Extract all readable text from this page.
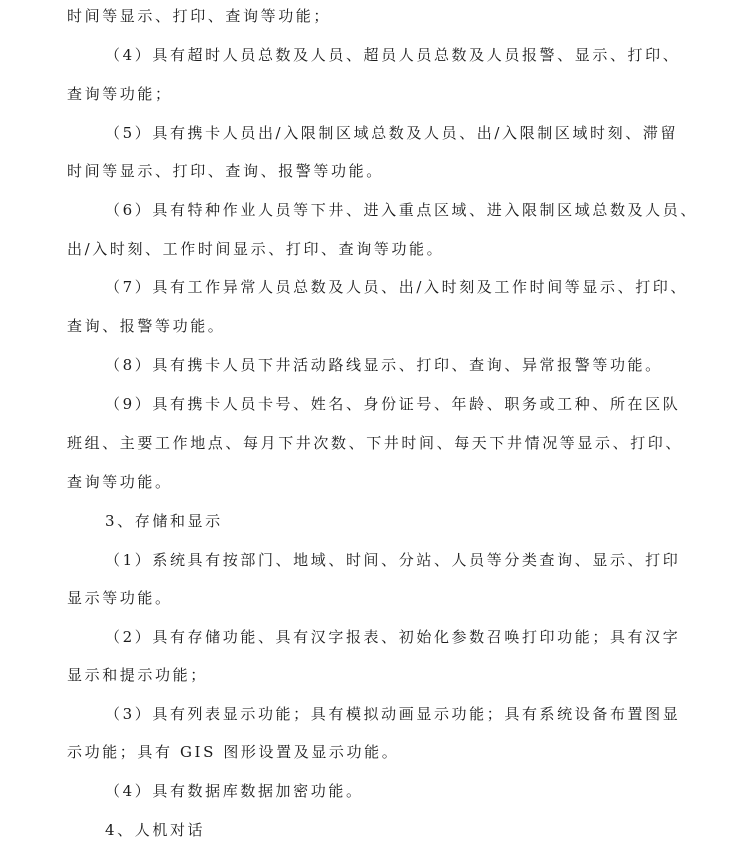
时间等显示、打印、查询等功能；
（4）具有超时人员总数及人员、超员人员总数及人员报警、显示、打印、
查询等功能；
（5）具有携卡人员出/入限制区域总数及人员、出/入限制区域时刻、滞留
时间等显示、打印、查询、报警等功能。
（6）具有特种作业人员等下井、进入重点区域、进入限制区域总数及人员、
出/入时刻、工作时间显示、打印、查询等功能。
（7）具有工作异常人员总数及人员、出/入时刻及工作时间等显示、打印、
查询、报警等功能。
（8）具有携卡人员下井活动路线显示、打印、查询、异常报警等功能。
（9）具有携卡人员卡号、姓名、身份证号、年龄、职务或工种、所在区队
班组、主要工作地点、每月下井次数、下井时间、每天下井情况等显示、打印、
查询等功能。
3、存储和显示
（1）系统具有按部门、地域、时间、分站、人员等分类查询、显示、打印
显示等功能。
（2）具有存储功能、具有汉字报表、初始化参数召唤打印功能；具有汉字
显示和提示功能；
（3）具有列表显示功能；具有模拟动画显示功能；具有系统设备布置图显
示功能；具有 GIS 图形设置及显示功能。
（4）具有数据库数据加密功能。
4、人机对话
